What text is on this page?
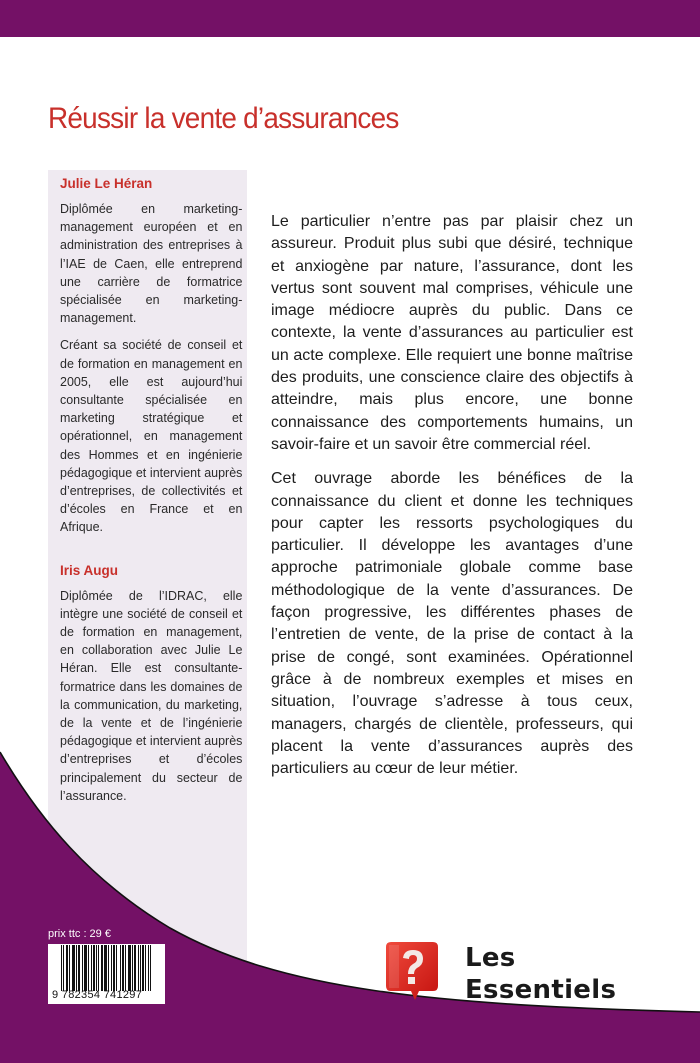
Réussir la vente d’assurances

Julie Le Héran

Diplômée en marketing-management européen et en administration des entreprises à l’IAE de Caen, elle entreprend une carrière de formatrice spécialisée en marketing-management.

Créant sa société de conseil et de formation en management en 2005, elle est aujourd’hui consultante spécialisée en marketing stratégique et opérationnel, en management des Hommes et en ingénierie pédagogique et intervient auprès d’entreprises, de collectivités et d’écoles en France et en Afrique.

Iris Augu

Diplômée de l’IDRAC, elle intègre une société de conseil et de formation en management, en collaboration avec Julie Le Héran. Elle est consultante-formatrice dans les domaines de la communication, du marketing, de la vente et de l’ingénierie pédagogique et intervient auprès d’entreprises et d’écoles principalement du secteur de l’assurance.

Le particulier n’entre pas par plaisir chez un assureur. Produit plus subi que désiré, technique et anxiogène par nature, l’assurance, dont les vertus sont souvent mal comprises, véhicule une image médiocre auprès du public. Dans ce contexte, la vente d’assurances au particulier est un acte complexe. Elle requiert une bonne maîtrise des produits, une conscience claire des objectifs à atteindre, mais plus encore, une bonne connaissance des comportements humains, un savoir-faire et un savoir être commercial réel.

Cet ouvrage aborde les bénéfices de la connaissance du client et donne les techniques pour capter les ressorts psychologiques du particulier. Il développe les avantages d’une approche patrimoniale globale comme base méthodologique de la vente d’assurances. De façon progressive, les différentes phases de l’entretien de vente, de la prise de contact à la prise de congé, sont examinées. Opérationnel grâce à de nombreux exemples et mises en situation, l’ouvrage s’adresse à tous ceux, managers, chargés de clientèle, professeurs, qui placent la vente d’assurances auprès des particuliers au cœur de leur métier.

prix ttc : 29 €
9 782354 741297
Les
Essentiels
